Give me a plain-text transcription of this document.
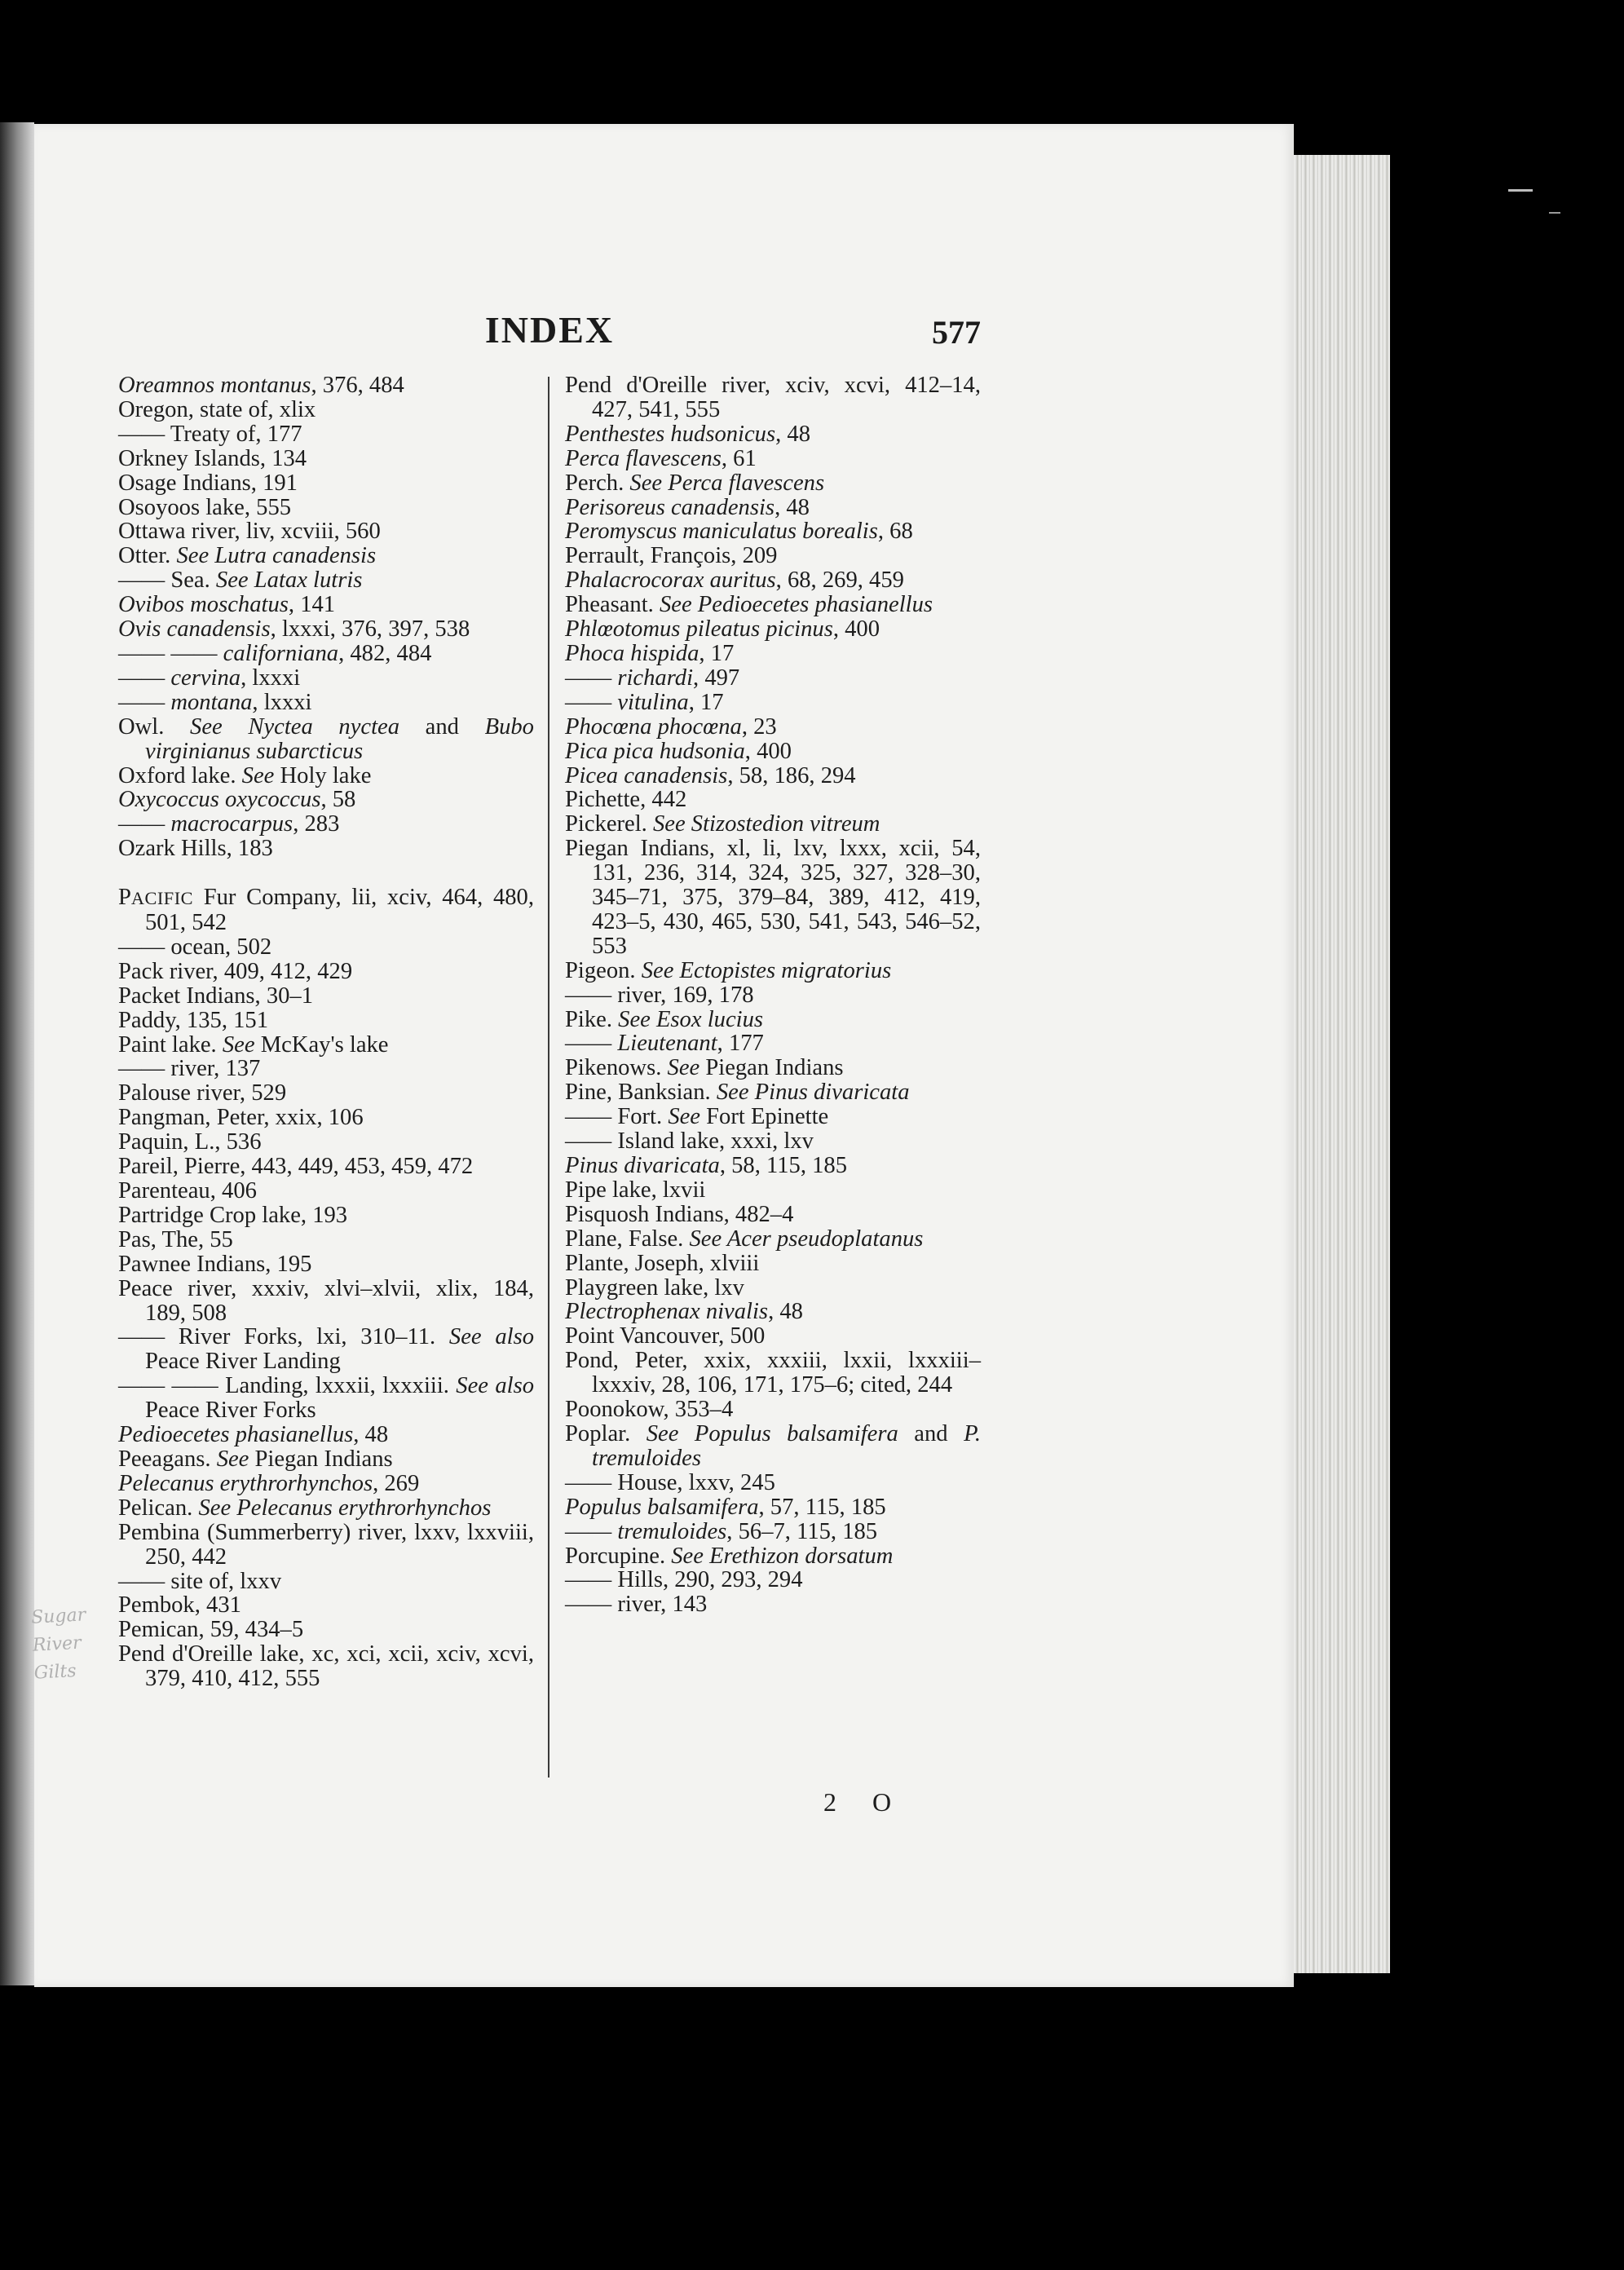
INDEX	577
Oreamnos montanus, 376, 484
Oregon, state of, xlix
—— Treaty of, 177
Orkney Islands, 134
Osage Indians, 191
Osoyoos lake, 555
Ottawa river, liv, xcviii, 560
Otter. See Lutra canadensis
—— Sea. See Latax lutris
Ovibos moschatus, 141
Ovis canadensis, lxxxi, 376, 397, 538
—— —— californiana, 482, 484
—— cervina, lxxxi
—— montana, lxxxi
Owl. See Nyctea nyctea and Bubo virginianus subarcticus
Oxford lake. See Holy lake
Oxycoccus oxycoccus, 58
—— macrocarpus, 283
Ozark Hills, 183
PACIFIC Fur Company, lii, xciv, 464, 480, 501, 542
—— ocean, 502
Pack river, 409, 412, 429
Packet Indians, 30–1
Paddy, 135, 151
Paint lake. See McKay's lake
—— river, 137
Palouse river, 529
Pangman, Peter, xxix, 106
Paquin, L., 536
Pareil, Pierre, 443, 449, 453, 459, 472
Parenteau, 406
Partridge Crop lake, 193
Pas, The, 55
Pawnee Indians, 195
Peace river, xxxiv, xlvi–xlvii, xlix, 184, 189, 508
—— River Forks, lxi, 310–11. See also Peace River Landing
—— —— Landing, lxxxii, lxxxiii. See also Peace River Forks
Pedioecetes phasianellus, 48
Peeagans. See Piegan Indians
Pelecanus erythrorhynchos, 269
Pelican. See Pelecanus erythrorhynchos
Pembina (Summerberry) river, lxxv, lxxviii, 250, 442
—— site of, lxxv
Pembok, 431
Pemican, 59, 434–5
Pend d'Oreille lake, xc, xci, xcii, xciv, xcvi, 379, 410, 412, 555
Pend d'Oreille river, xciv, xcvi, 412–14, 427, 541, 555
Penthestes hudsonicus, 48
Perca flavescens, 61
Perch. See Perca flavescens
Perisoreus canadensis, 48
Peromyscus maniculatus borealis, 68
Perrault, François, 209
Phalacrocorax auritus, 68, 269, 459
Pheasant. See Pedioecetes phasianellus
Phlœotomus pileatus picinus, 400
Phoca hispida, 17
—— richardi, 497
—— vitulina, 17
Phocœna phocœna, 23
Pica pica hudsonia, 400
Picea canadensis, 58, 186, 294
Pichette, 442
Pickerel. See Stizostedion vitreum
Piegan Indians, xl, li, lxv, lxxx, xcii, 54, 131, 236, 314, 324, 325, 327, 328–30, 345–71, 375, 379–84, 389, 412, 419, 423–5, 430, 465, 530, 541, 543, 546–52, 553
Pigeon. See Ectopistes migratorius
—— river, 169, 178
Pike. See Esox lucius
—— Lieutenant, 177
Pikenows. See Piegan Indians
Pine, Banksian. See Pinus divaricata
—— Fort. See Fort Epinette
—— Island lake, xxxi, lxv
Pinus divaricata, 58, 115, 185
Pipe lake, lxvii
Pisquosh Indians, 482–4
Plane, False. See Acer pseudoplatanus
Plante, Joseph, xlviii
Playgreen lake, lxv
Plectrophenax nivalis, 48
Point Vancouver, 500
Pond, Peter, xxix, xxxiii, lxxii, lxxxiii–lxxxiv, 28, 106, 171, 175–6; cited, 244
Poonokow, 353–4
Poplar. See Populus balsamifera and P. tremuloides
—— House, lxxv, 245
Populus balsamifera, 57, 115, 185
—— tremuloides, 56–7, 115, 185
Porcupine. See Erethizon dorsatum
—— Hills, 290, 293, 294
—— river, 143
Sugar
River
Gilts
2 O
